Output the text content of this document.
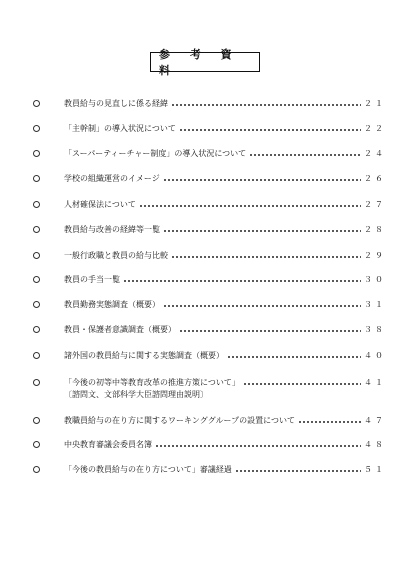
参 考 資 料
教員給与の見直しに係る経緯	２１
「主幹制」の導入状況について	２２
「スーパーティーチャー制度」の導入状況について	２４
学校の組織運営のイメージ	２６
人材確保法について	２７
教員給与改善の経緯等一覧	２８
一般行政職と教員の給与比較	２９
教員の手当一覧	３０
教員勤務実態調査（概要）	３１
教員・保護者意識調査（概要）	３８
諸外国の教員給与に関する実態調査（概要）	４０
「今後の初等中等教育改革の推進方策について」	４１
〔諮問文、文部科学大臣諮問理由説明〕
教職員給与の在り方に関するワーキンググループの設置について	４７
中央教育審議会委員名簿	４８
「今後の教員給与の在り方について」審議経過	５１
